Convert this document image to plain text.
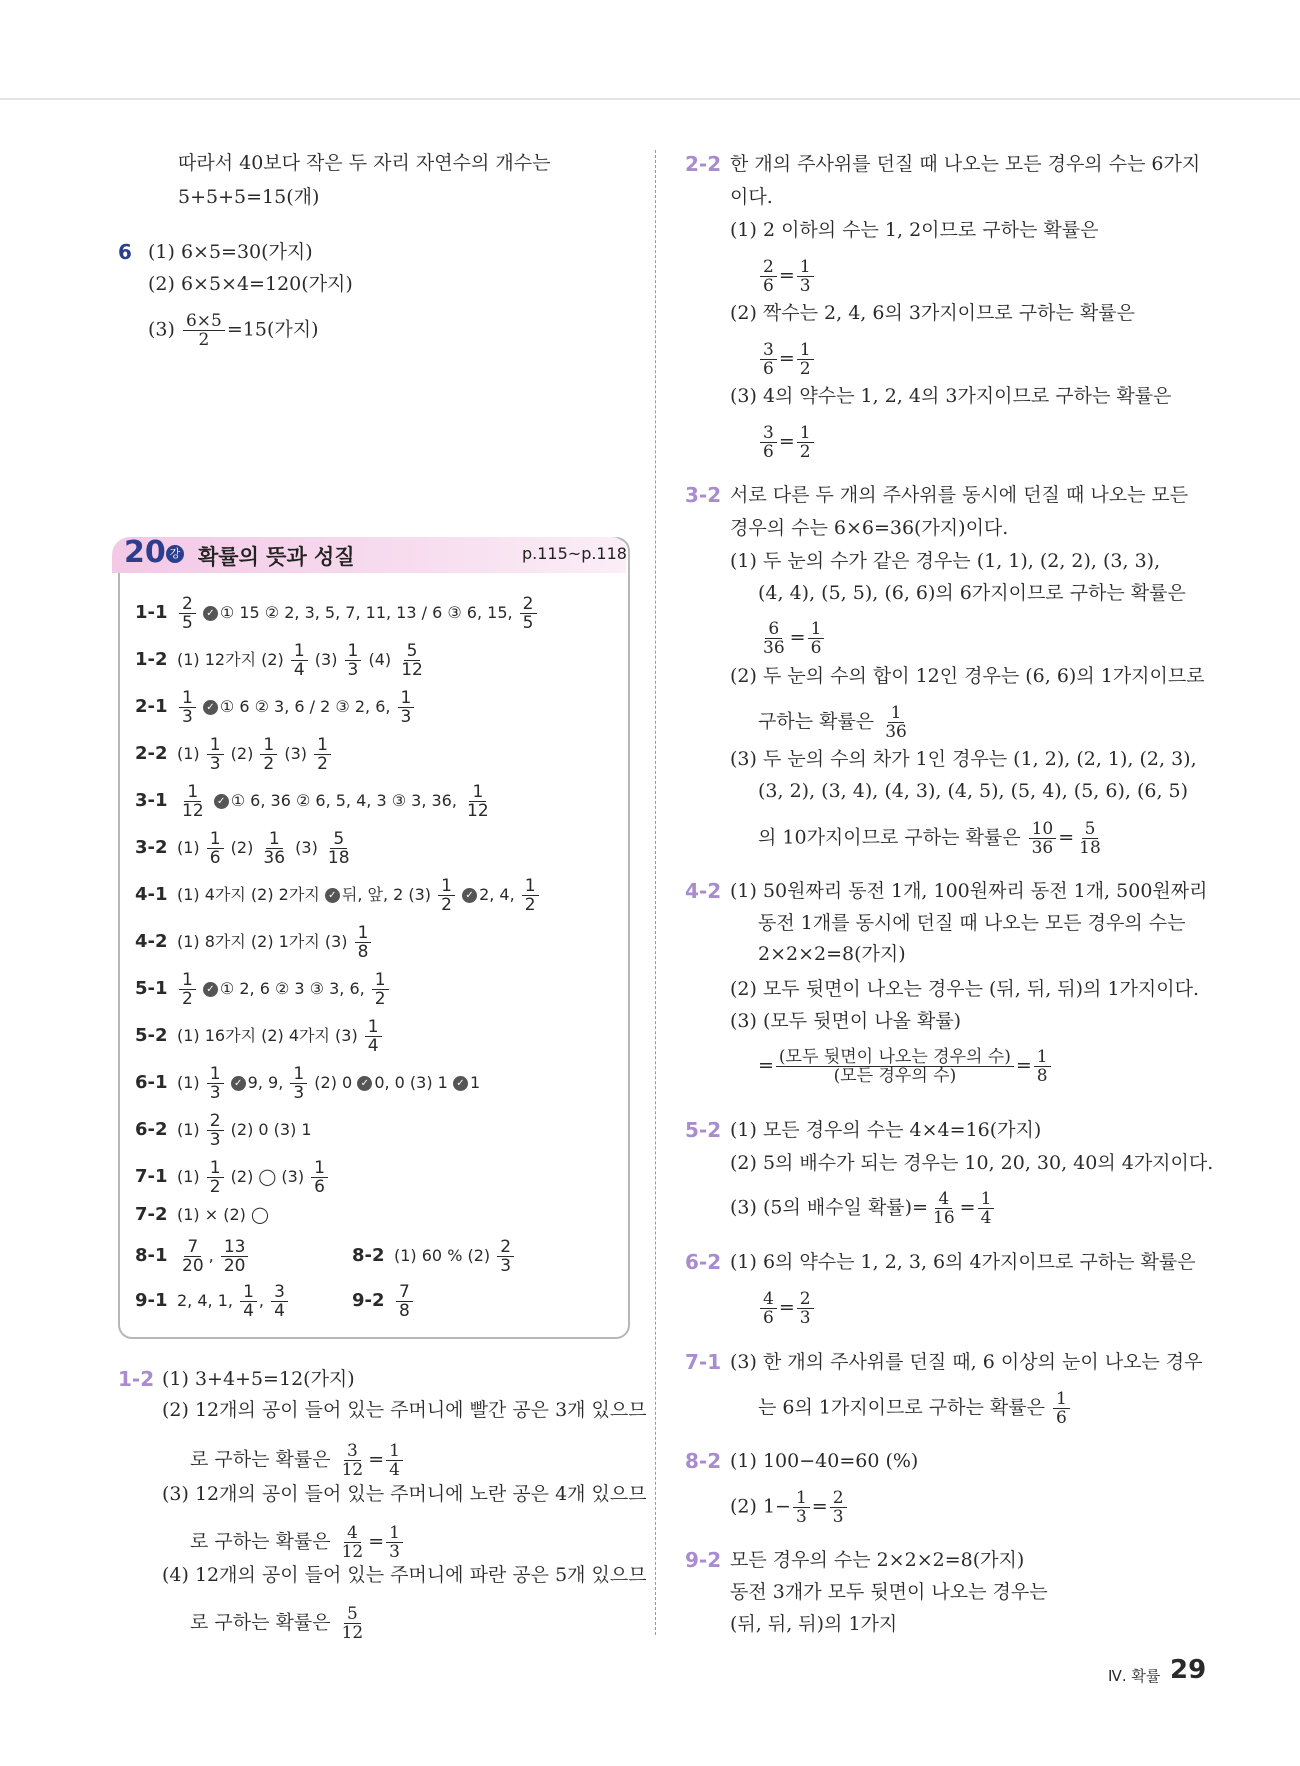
따라서 40보다 작은 두 자리 자연수의 개수는
5+5+5=15(개)
6 (1) 6×5=30(가지)
(2) 6×5×4=120(가지)
$(3) \frac{6\times 5}{2} =15$(가지)
20 강 확률의 뜻과 성질	p.115~p.118
$1-1 \frac{2}{5}$ ✓ ① 15 ② 2, 3, 5, 7, 11, 13 / 6 ③ 6, 15, $\frac{2}{5}$
1-2 (1) 12가지 $(2) \frac{1}{4} (3) \frac{1}{3} (4) \frac{5}{12}$
$2-1 \frac{1}{3}$ ✓ ① 6 ② 3, 6 / 2 ③ 2, 6, $\frac{1}{3}$
2-2 $(1) \frac{1}{3} (2) \frac{1}{2} (3) \frac{1}{2}$
$3-1 \frac{1}{12}$ ✓ ① 6, 36 ② 6, 5, 4, 3 ③ 3, 36, $\frac{1}{12}$
3-2 $(1) \frac{1}{6} (2) \frac{1}{36} (3) \frac{5}{18}$
4-1 (1) 4가지 (2) 2가지 ✓ 뒤, 앞, 2 $(3) \frac{1}{2}$ ✓ 2, 4, $\frac{1}{2}$
4-2 (1) 8가지 (2) 1가지 $(3) \frac{1}{8}$
$5-1 \frac{1}{2}$ ✓ ① 2, 6 ② 3 ③ 3, 6, $\frac{1}{2}$
5-2 (1) 16가지 (2) 4가지 $(3) \frac{1}{4}$
6-1 $(1) \frac{1}{3}$ ✓ 9, 9, $\frac{1}{3} (2)$ 0 ✓ 0, 0 (3) 1 ✓ 1
6-2 $(1) \frac{2}{3} (2)$ 0 (3) 1
7-1 $(1) \frac{1}{2} (2)$ ◯ $(3) \frac{1}{6}$
7-2 (1) × (2) ◯
$8-1 \frac{7}{20}$ , $\frac{13}{20}$	8-2 (1) 60 % $(2) \frac{2}{3}$
9-1 2, 4, 1, $\frac{1}{4}$ , $\frac{3}{4}$	$9-2 \frac{7}{8}$
1-2 (1) 3+4+5=12(가지)
(2) 12개의 공이 들어 있는 주머니에 빨간 공은 3개 있으므
로 구하는 확률은 $\frac{3}{12} = \frac{1}{4}$
(3) 12개의 공이 들어 있는 주머니에 노란 공은 4개 있으므
로 구하는 확률은 $\frac{4}{12} = \frac{1}{3}$
(4) 12개의 공이 들어 있는 주머니에 파란 공은 5개 있으므
로 구하는 확률은 $\frac{5}{12}$
2-2 한 개의 주사위를 던질 때 나오는 모든 경우의 수는 6가지
이다.
(1) 2 이하의 수는 1, 2이므로 구하는 확률은
$\frac{2}{6} = \frac{1}{3}$
(2) 짝수는 2, 4, 6의 3가지이므로 구하는 확률은
$\frac{3}{6} = \frac{1}{2}$
(3) 4의 약수는 1, 2, 4의 3가지이므로 구하는 확률은
$\frac{3}{6} = \frac{1}{2}$
3-2 서로 다른 두 개의 주사위를 동시에 던질 때 나오는 모든
경우의 수는 6×6=36(가지)이다.
(1) 두 눈의 수가 같은 경우는 (1, 1), (2, 2), (3, 3),
(4, 4), (5, 5), (6, 6)의 6가지이므로 구하는 확률은
$\frac{6}{36} = \frac{1}{6}$
(2) 두 눈의 수의 합이 12인 경우는 (6, 6)의 1가지이므로
구하는 확률은 $\frac{1}{36}$
(3) 두 눈의 수의 차가 1인 경우는 (1, 2), (2, 1), (2, 3),
(3, 2), (3, 4), (4, 3), (4, 5), (5, 4), (5, 6), (6, 5)
의 10가지이므로 구하는 확률은 $\frac{10}{36} = \frac{5}{18}$
4-2 (1) 50원짜리 동전 1개, 100원짜리 동전 1개, 500원짜리
동전 1개를 동시에 던질 때 나오는 모든 경우의 수는
2×2×2=8(가지)
(2) 모두 뒷면이 나오는 경우는 (뒤, 뒤, 뒤)의 1가지이다.
(3) (모두 뒷면이 나올 확률)
= $\frac{\text{(모두 뒷면이 나오는 경우의 수)}}{\text{(모든 경우의 수)}} = \frac{1}{8}$
5-2 (1) 모든 경우의 수는 4×4=16(가지)
(2) 5의 배수가 되는 경우는 10, 20, 30, 40의 4가지이다.
(3) (5의 배수일 확률)= $\frac{4}{16} = \frac{1}{4}$
6-2 (1) 6의 약수는 1, 2, 3, 6의 4가지이므로 구하는 확률은
$\frac{4}{6} = \frac{2}{3}$
7-1 (3) 한 개의 주사위를 던질 때, 6 이상의 눈이 나오는 경우
는 6의 1가지이므로 구하는 확률은 $\frac{1}{6}$
8-2 (1) 100−40=60 (%)
(2) $1- \frac{1}{3} = \frac{2}{3}$
9-2 모든 경우의 수는 2×2×2=8(가지)
동전 3개가 모두 뒷면이 나오는 경우는
(뒤, 뒤, 뒤)의 1가지
Ⅳ. 확률 29
